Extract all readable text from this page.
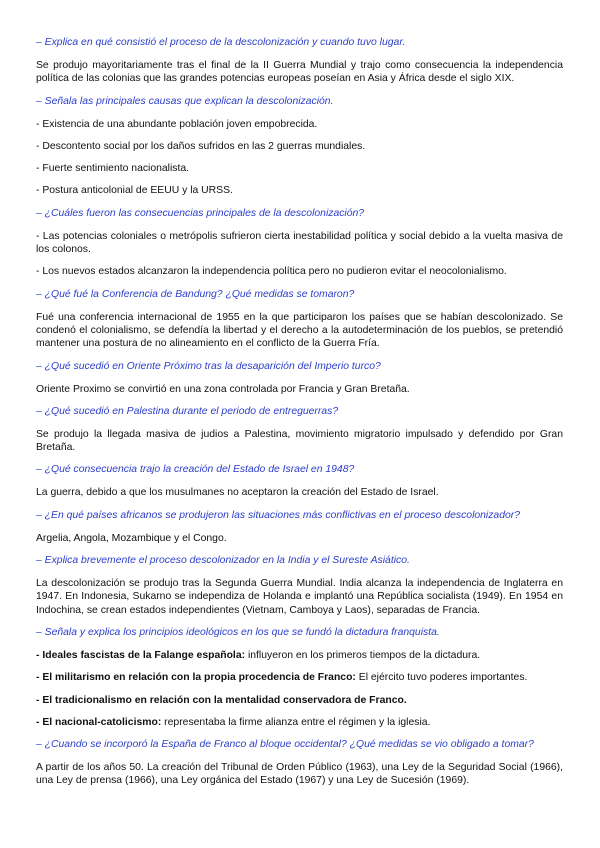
– Explica en qué consistió el proceso de la descolonización y cuando tuvo lugar.

Se produjo mayoritariamente tras el final de la II Guerra Mundial y trajo como consecuencia la independencia política de las colonias que las grandes potencias europeas poseían en Asia y África desde el siglo XIX.

– Señala las principales causas que explican la descolonización.

- Existencia de una abundante población joven empobrecida.

- Descontento social por los daños sufridos en las 2 guerras mundiales.

- Fuerte sentimiento nacionalista.

- Postura anticolonial de EEUU y la URSS.

– ¿Cuáles fueron las consecuencias principales de la descolonización?

- Las potencias coloniales o metrópolis sufrieron cierta inestabilidad política y social debido a la vuelta masiva de los colonos.

- Los nuevos estados alcanzaron la independencia política pero no pudieron evitar el neocolonialismo.

– ¿Qué fué la Conferencia de Bandung? ¿Qué medidas se tomaron?

Fué una conferencia internacional de 1955 en la que participaron los países que se habían descolonizado. Se condenó el colonialismo, se defendía la libertad y el derecho a la autodeterminación de los pueblos, se pretendió mantener una postura de no alineamiento en el conflicto de la Guerra Fría.

– ¿Qué sucedió en Oriente Próximo tras la desaparición del Imperio turco?

Oriente Proximo se convirtió en una zona controlada por Francia y Gran Bretaña.

– ¿Qué sucedió en Palestina durante el periodo de entreguerras?

Se produjo la llegada masiva de judios a Palestina, movimiento migratorio impulsado y defendido por Gran Bretaña.

– ¿Qué consecuencia trajo la creación del Estado de Israel en 1948?

La guerra, debido a que los musulmanes no aceptaron la creación del Estado de Israel.

– ¿En qué países africanos se produjeron las situaciones más conflictivas en el proceso descolonizador?

Argelia, Angola, Mozambique y el Congo.

– Explica brevemente el proceso descolonizador en la India y el Sureste Asiático.

La descolonización se produjo tras la Segunda Guerra Mundial. India alcanza la independencia de Inglaterra en 1947. En Indonesia, Sukarno se independiza de Holanda e implantó una República socialista (1949). En 1954 en Indochina, se crean estados independientes (Vietnam, Camboya y Laos), separadas de Francia.

– Señala y explica los principios ideológicos en los que se fundó la dictadura franquista.

- Ideales fascistas de la Falange española: influyeron en los primeros tiempos de la dictadura.

- El militarismo en relación con la propia procedencia de Franco: El ejército tuvo poderes importantes.

- El tradicionalismo en relación con la mentalidad conservadora de Franco.

- El nacional-catolicismo: representaba la firme alianza entre el régimen y la iglesia.

– ¿Cuando se incorporó la España de Franco al bloque occidental? ¿Qué medidas se vio obligado a tomar?

A partir de los años 50. La creación del Tribunal de Orden Público (1963), una Ley de la Seguridad Social (1966), una Ley de prensa (1966), una Ley orgánica del Estado (1967) y una Ley de Sucesión (1969).
